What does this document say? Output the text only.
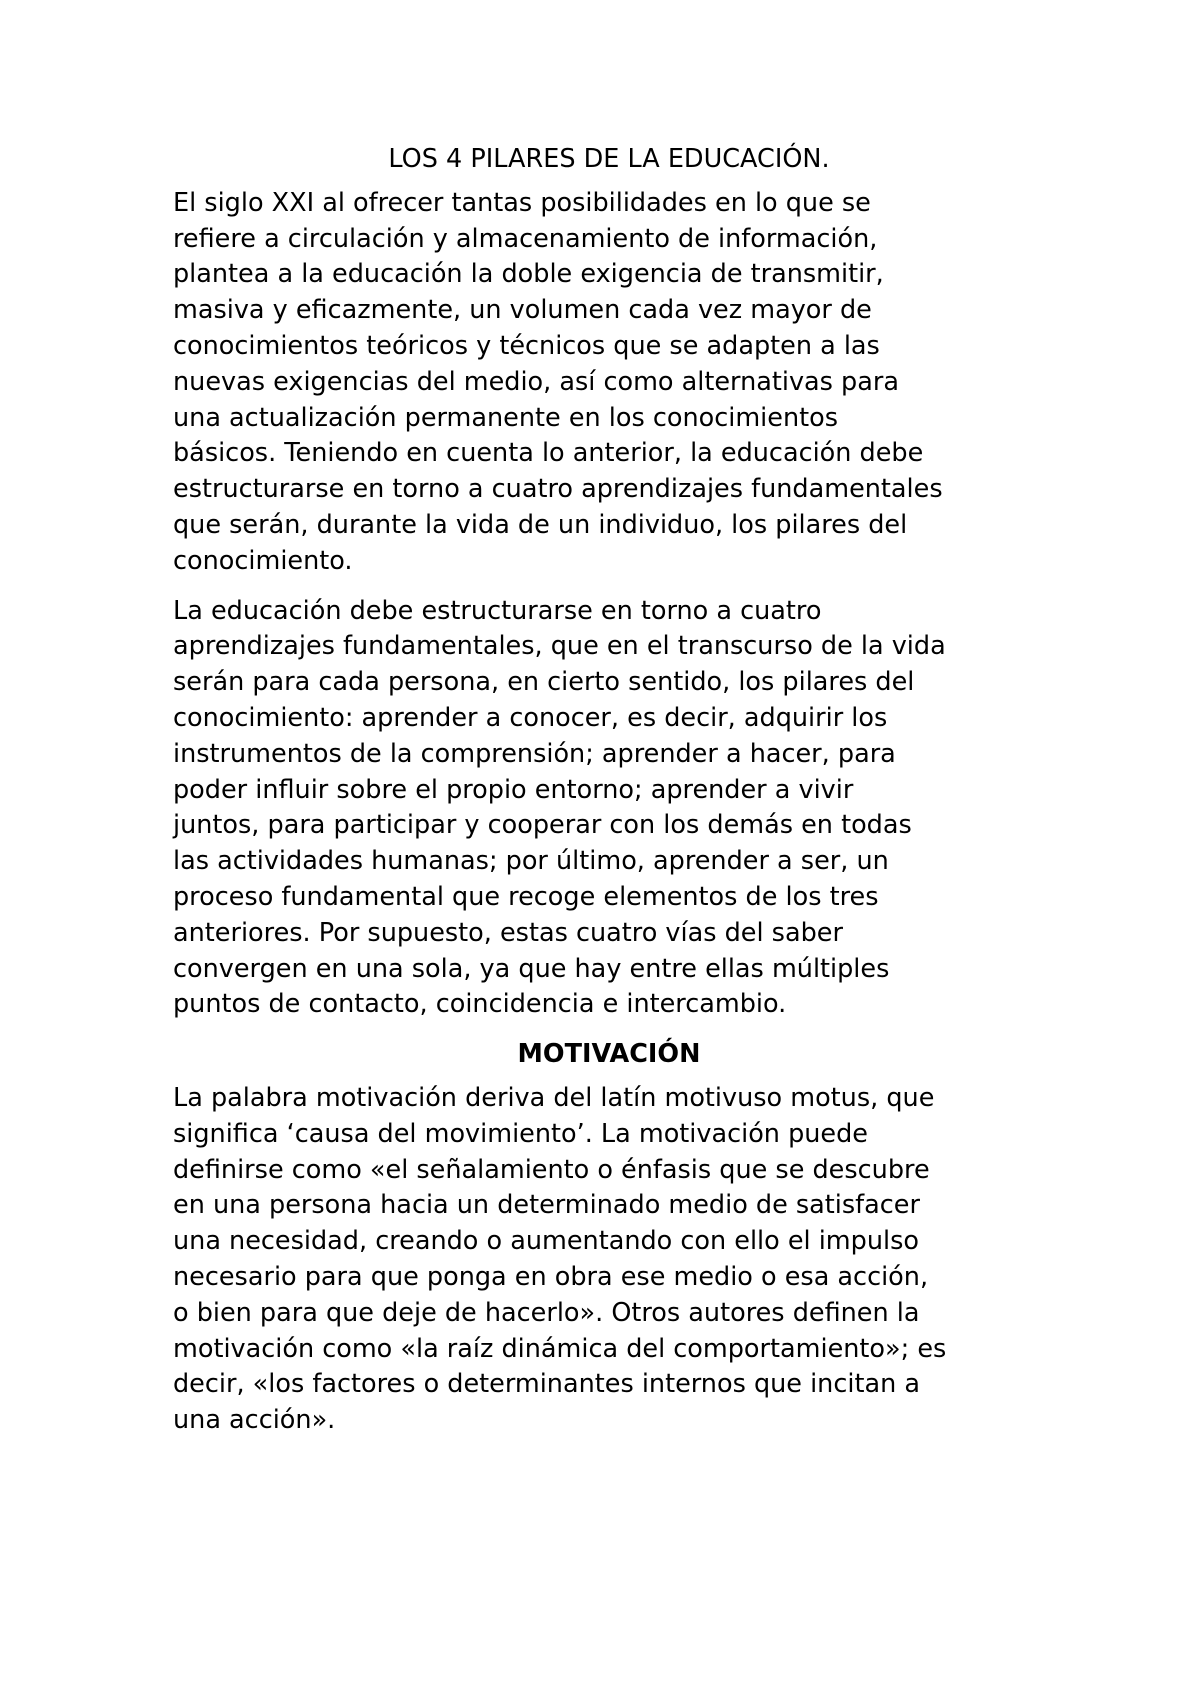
LOS 4 PILARES DE LA EDUCACIÓN.

El siglo XXI al ofrecer tantas posibilidades en lo que se
refiere a circulación y almacenamiento de información,
plantea a la educación la doble exigencia de transmitir,
masiva y eficazmente, un volumen cada vez mayor de
conocimientos teóricos y técnicos que se adapten a las
nuevas exigencias del medio, así como alternativas para
una actualización permanente en los conocimientos
básicos. Teniendo en cuenta lo anterior, la educación debe
estructurarse en torno a cuatro aprendizajes fundamentales
que serán, durante la vida de un individuo, los pilares del
conocimiento.

La educación debe estructurarse en torno a cuatro
aprendizajes fundamentales, que en el transcurso de la vida
serán para cada persona, en cierto sentido, los pilares del
conocimiento: aprender a conocer, es decir, adquirir los
instrumentos de la comprensión; aprender a hacer, para
poder influir sobre el propio entorno; aprender a vivir
juntos, para participar y cooperar con los demás en todas
las actividades humanas; por último, aprender a ser, un
proceso fundamental que recoge elementos de los tres
anteriores. Por supuesto, estas cuatro vías del saber
convergen en una sola, ya que hay entre ellas múltiples
puntos de contacto, coincidencia e intercambio.

MOTIVACIÓN

La palabra motivación deriva del latín motivuso motus, que
significa ‘causa del movimiento’. La motivación puede
definirse como «el señalamiento o énfasis que se descubre
en una persona hacia un determinado medio de satisfacer
una necesidad, creando o aumentando con ello el impulso
necesario para que ponga en obra ese medio o esa acción,
o bien para que deje de hacerlo». Otros autores definen la
motivación como «la raíz dinámica del comportamiento»; es
decir, «los factores o determinantes internos que incitan a
una acción».
